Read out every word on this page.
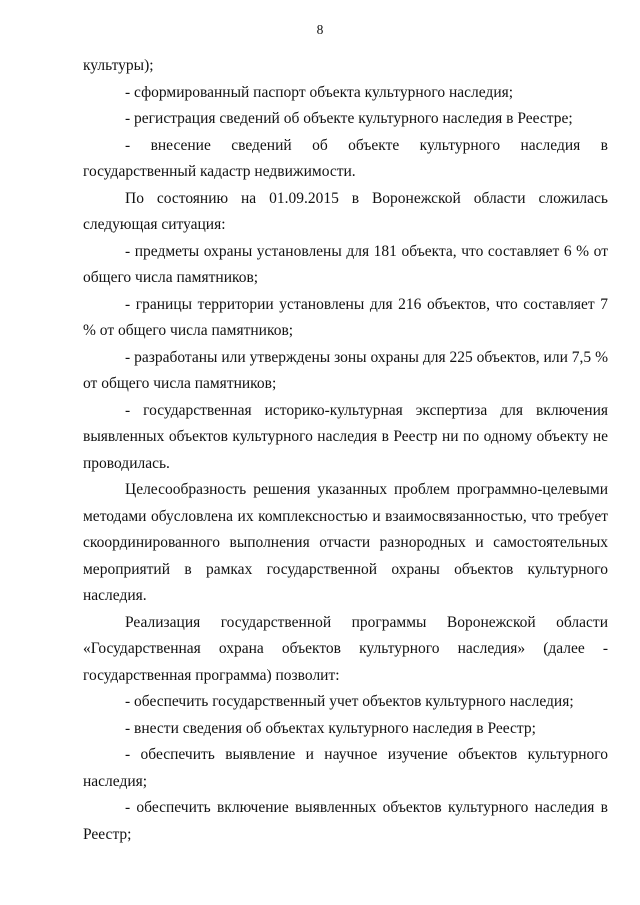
8

культуры);

- сформированный паспорт объекта культурного наследия;

- регистрация сведений об объекте культурного наследия в Реестре;

- внесение сведений об объекте культурного наследия в государственный кадастр недвижимости.

По состоянию на 01.09.2015 в Воронежской области сложилась следующая ситуация:

- предметы охраны установлены для 181 объекта, что составляет 6 % от общего числа памятников;

- границы территории установлены для 216 объектов, что составляет 7 % от общего числа памятников;

- разработаны или утверждены зоны охраны для 225 объектов, или 7,5 % от общего числа памятников;

- государственная историко-культурная экспертиза для включения выявленных объектов культурного наследия в Реестр ни по одному объекту не проводилась.

Целесообразность решения указанных проблем программно-целевыми методами обусловлена их комплексностью и взаимосвязанностью, что требует скоординированного выполнения отчасти разнородных и самостоятельных мероприятий в рамках государственной охраны объектов культурного наследия.

Реализация государственной программы Воронежской области «Государственная охрана объектов культурного наследия» (далее - государственная программа) позволит:

- обеспечить государственный учет объектов культурного наследия;

- внести сведения об объектах культурного наследия в Реестр;

- обеспечить выявление и научное изучение объектов культурного наследия;

- обеспечить включение выявленных объектов культурного наследия в Реестр;
